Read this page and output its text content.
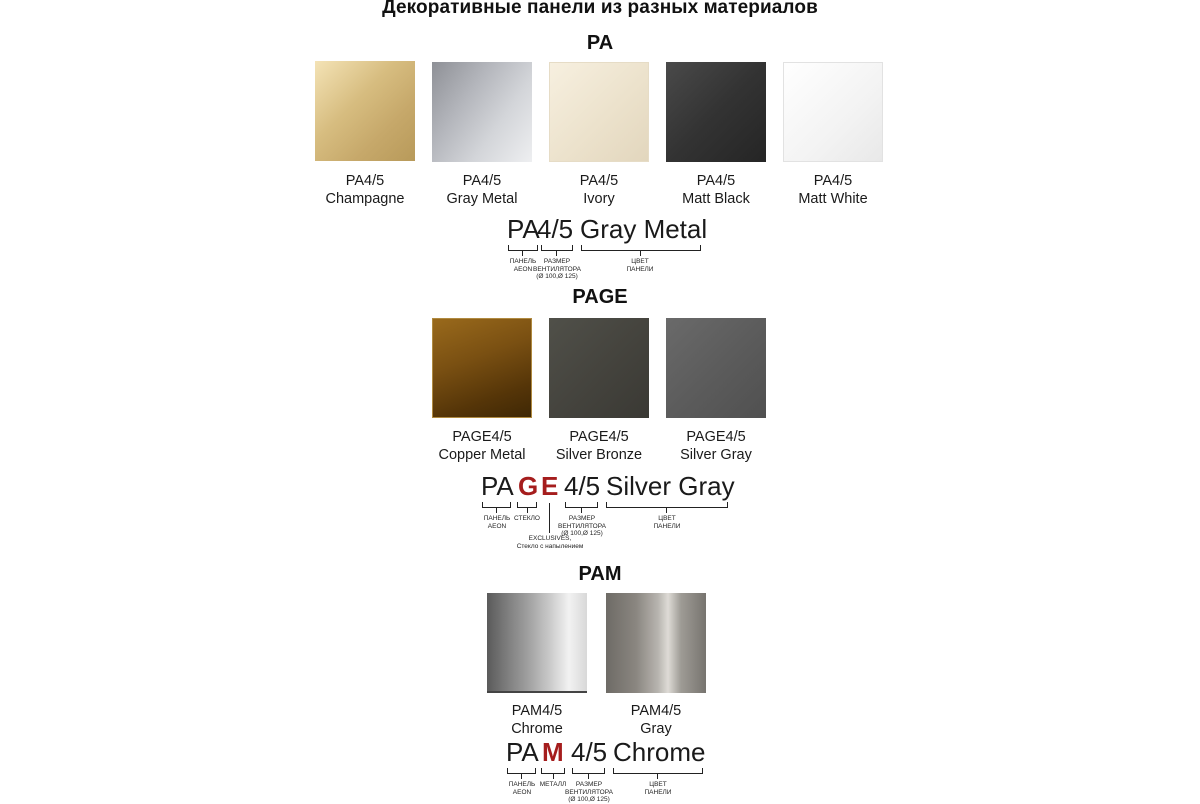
Декоративные панели из разных материалов
PA
PA4/5
Champagne
PA4/5
Gray Metal
PA4/5
Ivory
PA4/5
Matt Black
PA4/5
Matt White
PA
4/5 Gray Metal
ПАНЕЛЬ
AEON
РАЗМЕР
ВЕНТИЛЯТОРА
(Ø 100,Ø 125)
ЦВЕТ
ПАНЕЛИ
PAGE
PAGE4/5
Copper Metal
PAGE4/5
Silver Bronze
PAGE4/5
Silver Gray
PA G E 4/5 Silver Gray
ПАНЕЛЬ
AEON
СТЕКЛО
EXCLUSIVES,
Стекло с напылением
РАЗМЕР
ВЕНТИЛЯТОРА
(Ø 100,Ø 125)
ЦВЕТ
ПАНЕЛИ
PAM
PAM4/5
Chrome
PAM4/5
Gray
PA M 4/5 Chrome
ПАНЕЛЬ
AEON
МЕТАЛЛ	РАЗМЕР
ВЕНТИЛЯТОРА
(Ø 100,Ø 125)
ЦВЕТ
ПАНЕЛИ
